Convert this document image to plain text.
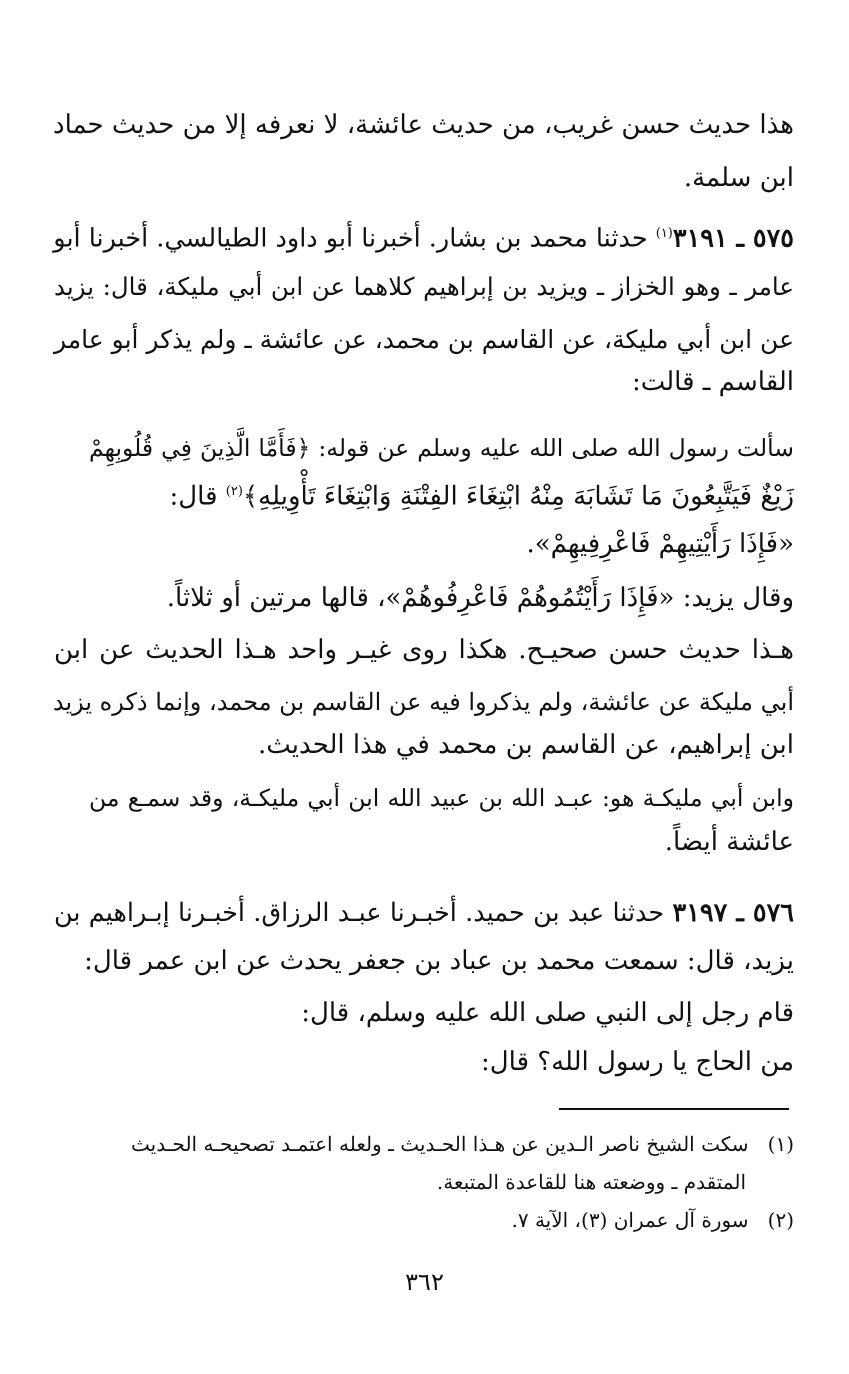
هذا حديث حسن غريب، من حديث عائشة، لا نعرفه إلا من حديث حماد
ابن سلمة.
٥٧٥ ـ ٣١٩١$^{(١)}$ حدثنا محمد بن بشار. أخبرنا أبو داود الطيالسي. أخبرنا أبو
عامر ـ وهو الخزاز ـ ويزيد بن إبراهيم كلاهما عن ابن أبي مليكة، قال: يزيد
عن ابن أبي مليكة، عن القاسم بن محمد، عن عائشة ـ ولم يذكر أبو عامر
القاسم ـ قالت:
سألت رسول الله صلى الله عليه وسلم عن قوله: ﴿فَأَمَّا الَّذِينَ فِي قُلُوبِهِمْ
زَيْغٌ فَيَتَّبِعُونَ مَا تَشَابَهَ مِنْهُ ابْتِغَاءَ الفِتْنَةِ وَابْتِغَاءَ تَأْوِيلِهِ﴾$^{(٢)}$ قال:
«فَإِذَا رَأَيْتِيهِمْ فَاعْرِفِيهِمْ».
وقال يزيد: «فَإِذَا رَأَيْتُمُوهُمْ فَاعْرِفُوهُمْ»، قالها مرتين أو ثلاثاً.
هـذا حديث حسن صحيـح. هكذا روى غيـر واحد هـذا الحديث عن ابن
أبي مليكة عن عائشة، ولم يذكروا فيه عن القاسم بن محمد، وإنما ذكره يزيد
ابن إبراهيم، عن القاسم بن محمد في هذا الحديث.
وابن أبي مليكـة هو: عبـد الله بن عبيد الله ابن أبي مليكـة، وقد سمـع من
عائشة أيضاً.
٥٧٦ ـ ٣١٩٧ حدثنا عبد بن حميد. أخبـرنا عبـد الرزاق. أخبـرنا إبـراهيم بن
يزيد، قال: سمعت محمد بن عباد بن جعفر يحدث عن ابن عمر قال:
قام رجل إلى النبي صلى الله عليه وسلم، قال:
من الحاج يا رسول الله؟ قال:
(١)   سكت الشيخ ناصر الـدين عن هـذا الحـديث ـ ولعله اعتمـد تصحيحـه الحـديث
المتقدم ـ ووضعته هنا للقاعدة المتبعة.
(٢)   سورة آل عمران (٣)، الآية ٧.
٣٦٢
